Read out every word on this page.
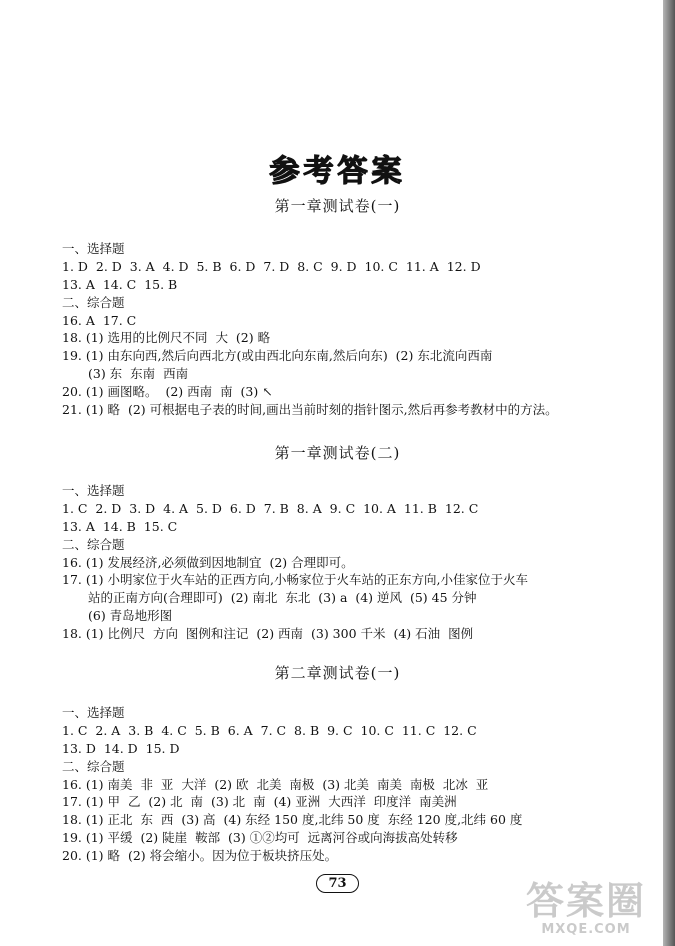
参考答案
第一章测试卷(一)
一、选择题
1. D  2. D  3. A  4. D  5. B  6. D  7. D  8. C  9. D  10. C  11. A  12. D
13. A  14. C  15. B
二、综合题
16. A  17. C
18. (1) 选用的比例尺不同  大  (2) 略
19. (1) 由东向西,然后向西北方(或由西北向东南,然后向东)  (2) 东北流向西南
(3) 东  东南  西南
20. (1) 画图略。  (2) 西南  南  (3) ↖
21. (1) 略  (2) 可根据电子表的时间,画出当前时刻的指针图示,然后再参考教材中的方法。
第一章测试卷(二)
一、选择题
1. C  2. D  3. D  4. A  5. D  6. D  7. B  8. A  9. C  10. A  11. B  12. C
13. A  14. B  15. C
二、综合题
16. (1) 发展经济,必须做到因地制宜  (2) 合理即可。
17. (1) 小明家位于火车站的正西方向,小畅家位于火车站的正东方向,小佳家位于火车
站的正南方向(合理即可)  (2) 南北  东北  (3) a  (4) 逆风  (5) 45 分钟
(6) 青岛地形图
18. (1) 比例尺  方向  图例和注记  (2) 西南  (3) 300 千米  (4) 石油  图例
第二章测试卷(一)
一、选择题
1. C  2. A  3. B  4. C  5. B  6. A  7. C  8. B  9. C  10. C  11. C  12. C
13. D  14. D  15. D
二、综合题
16. (1) 南美  非  亚  大洋  (2) 欧  北美  南极  (3) 北美  南美  南极  北冰  亚
17. (1) 甲  乙  (2) 北  南  (3) 北  南  (4) 亚洲  大西洋  印度洋  南美洲
18. (1) 正北  东  西  (3) 高  (4) 东经 150 度,北纬 50 度  东经 120 度,北纬 60 度
19. (1) 平缓  (2) 陡崖  鞍部  (3) ①②均可  远离河谷或向海拔高处转移
20. (1) 略  (2) 将会缩小。因为位于板块挤压处。
73	答案圈
MXQE.COM
